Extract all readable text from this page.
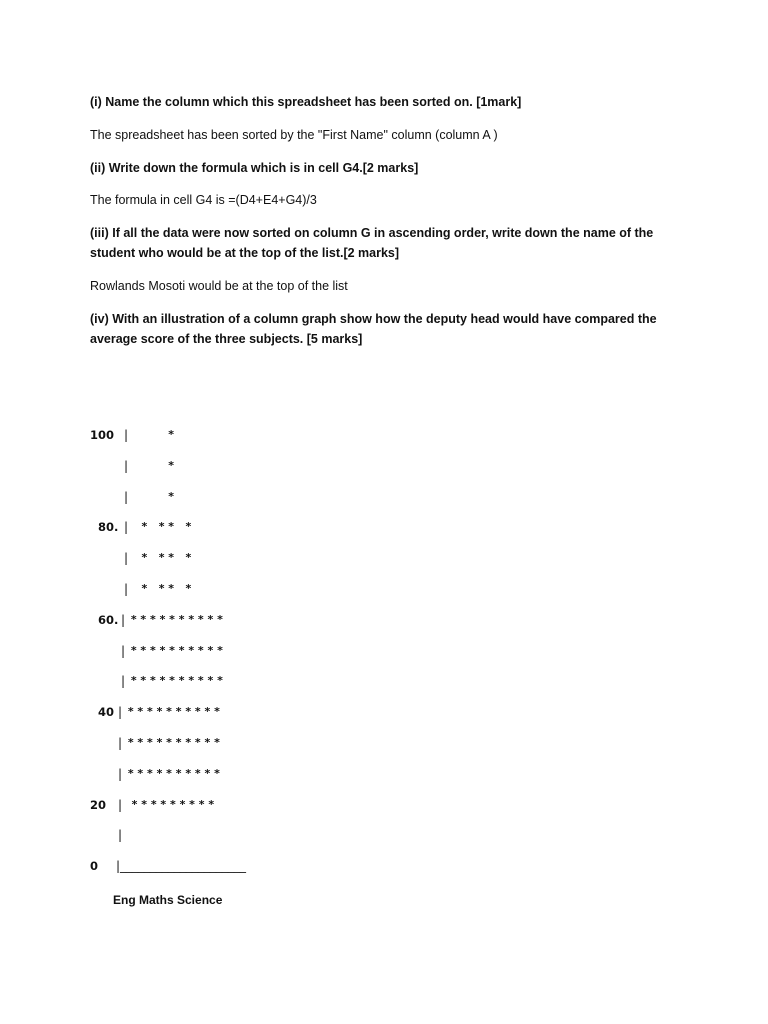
(i) Name the column which this spreadsheet has been sorted on. [1mark]
The spreadsheet has been sorted by the "First Name" column (column A )
(ii) Write down the formula which is in cell G4.[2 marks]
The formula in cell G4 is =(D4+E4+G4)/3
(iii) If all the data were now sorted on column G in ascending order, write down the name of the
student who would be at the top of the list.[2 marks]
Rowlands Mosoti would be at the top of the list
(iv) With an illustration of a column graph show how the deputy head would have compared the
average score of the three subjects. [5 marks]
100 | *
| *
| *
80. | *   * *   *
| *   * *   *
| *   * *   *
60. | * * * * * * * * * *
| * * * * * * * * * *
| * * * * * * * * * *
40 | * * * * * * * * * *
| * * * * * * * * * *
| * * * * * * * * * *
20 | * * * * * * * * *
|
0 |_____________________
Eng Maths Science
